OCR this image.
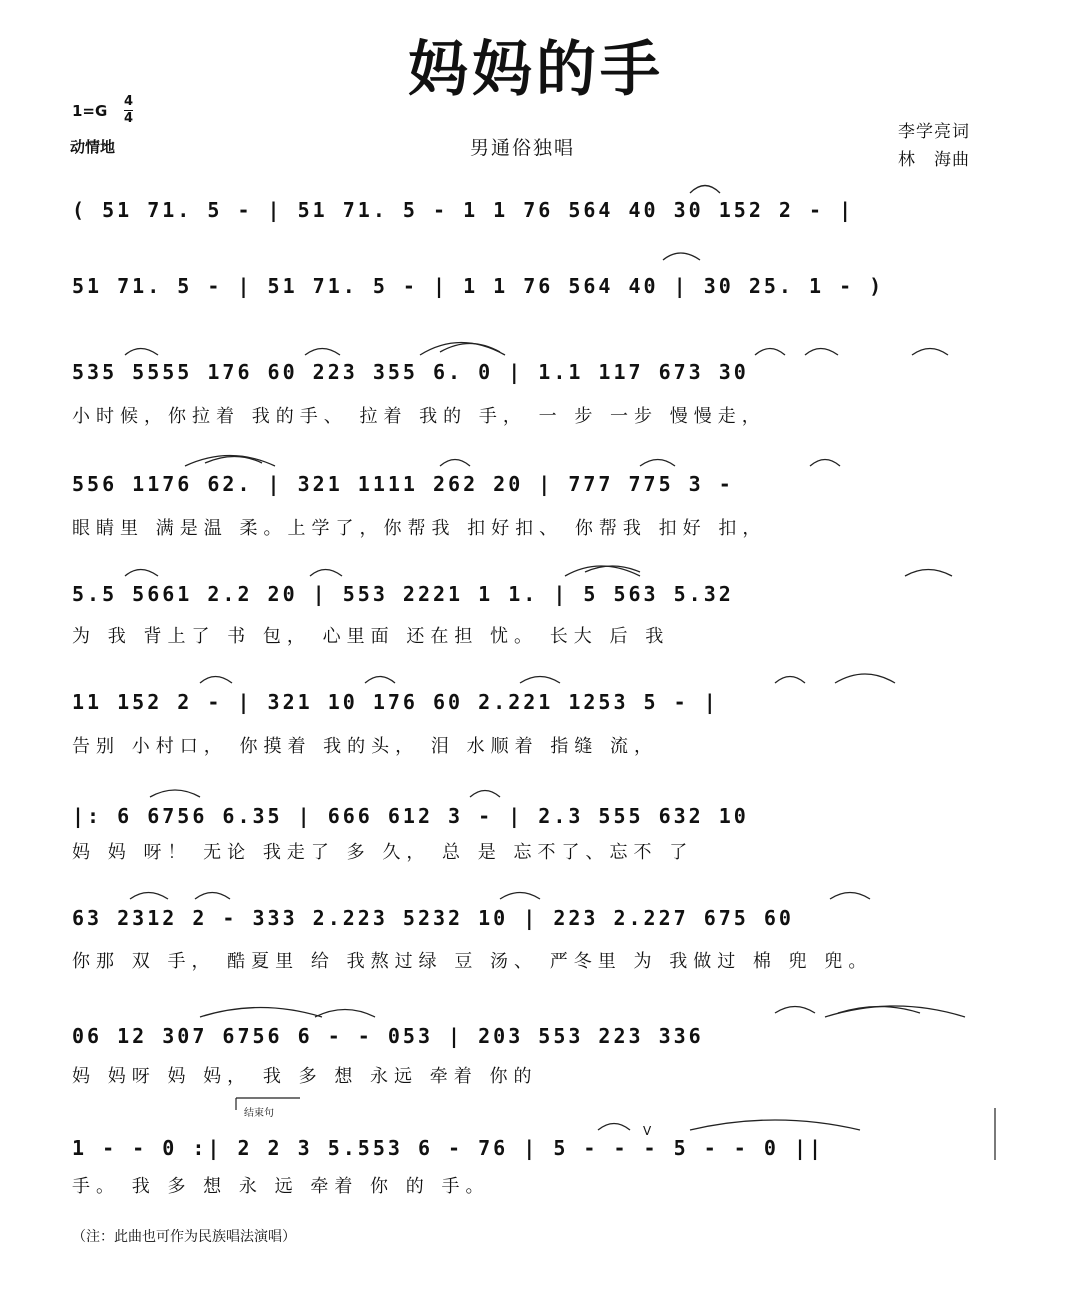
妈妈的手
1=G
4
4
动情地	男通俗独唱
李学亮词
林　海曲
( 51 71. 5 - | 51 71. 5 - 1 1 76 564 40 30 152 2 - |
51 71. 5 - | 51 71. 5 - | 1 1 76 564 40 | 30 25. 1 - )
535 5555 176 60 223 355 6. 0 | 1.1 117 673 30
小时候，你拉着 我的手、 拉着 我的 手， 一 步 一步 慢慢走，
556 1176 62. | 321 1111 262 20 | 777 775 3 -
眼睛里 满是温 柔。上学了，你帮我 扣好扣、 你帮我 扣好 扣，
5.5 5661 2.2 20 | 553 2221 1 1. | 5 563 5.32
为 我 背上了 书 包， 心里面 还在担 忧。 长大 后 我
11 152 2 - | 321 10 176 60 2.221 1253 5 - |
告别 小村口， 你摸着 我的头， 泪 水顺着 指缝 流，
|: 6 6756 6.35 | 666 612 3 - | 2.3 555 632 10
妈 妈 呀！ 无论 我走了 多 久， 总 是 忘不了、忘不 了
63 2312 2 - 333 2.223 5232 10 | 223 2.227 675 60
你那 双 手， 酷夏里 给 我熬过绿 豆 汤、 严冬里 为 我做过 棉 兜 兜。
06 12 307 6756 6 - - 053 | 203 553 223 336
妈 妈呀 妈 妈， 我 多 想 永远 牵着 你的
结束句
V
1 - - 0 :| 2 2 3 5.553 6 - 76 | 5 - - - 5 - - 0 ||
手。 我 多 想 永 远 牵着 你 的 手。
（注：此曲也可作为民族唱法演唱）
